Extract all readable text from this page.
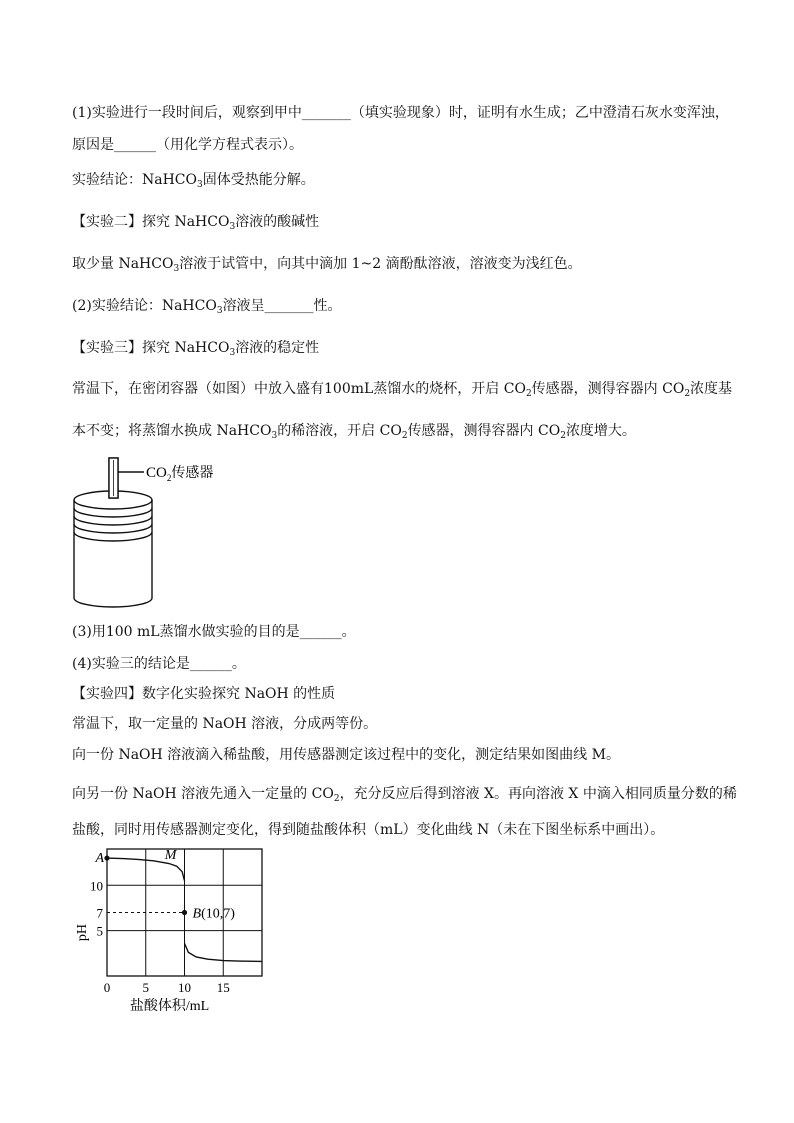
(1)实验进行一段时间后，观察到甲中_______（填实验现象）时，证明有水生成；乙中澄清石灰水变浑浊，
原因是______（用化学方程式表示）。
实验结论：NaHCO$_3$固体受热能分解。
【实验二】探究 NaHCO$_3$溶液的酸碱性
取少量 NaHCO$_3$溶液于试管中，向其中滴加 1~2 滴酚酞溶液，溶液变为浅红色。
(2)实验结论：NaHCO$_3$溶液呈_______性。
【实验三】探究 NaHCO$_3$溶液的稳定性
常温下，在密闭容器（如图）中放入盛有100mL蒸馏水的烧杯，开启 $CO_2$传感器，测得容器内 $CO_2$浓度基
本不变；将蒸馏水换成 NaHCO$_3$的稀溶液，开启 $CO_2$传感器，测得容器内 $CO_2$浓度增大。
$CO_2$传感器
(3)用100 mL蒸馏水做实验的目的是______。
(4)实验三的结论是______。
【实验四】数字化实验探究 NaOH 的性质
常温下，取一定量的 NaOH 溶液，分成两等份。
向一份 NaOH 溶液滴入稀盐酸，用传感器测定该过程中的变化，测定结果如图曲线 M。
向另一份 NaOH 溶液先通入一定量的 $CO_2$，充分反应后得到溶液 X。再向溶液 X 中滴入相同质量分数的稀
盐酸，同时用传感器测定变化，得到随盐酸体积（mL）变化曲线 N（未在下图坐标系中画出）。
0 5 10 15
5
7
10
A
B(10,7)
M
pH
盐酸体积/mL
